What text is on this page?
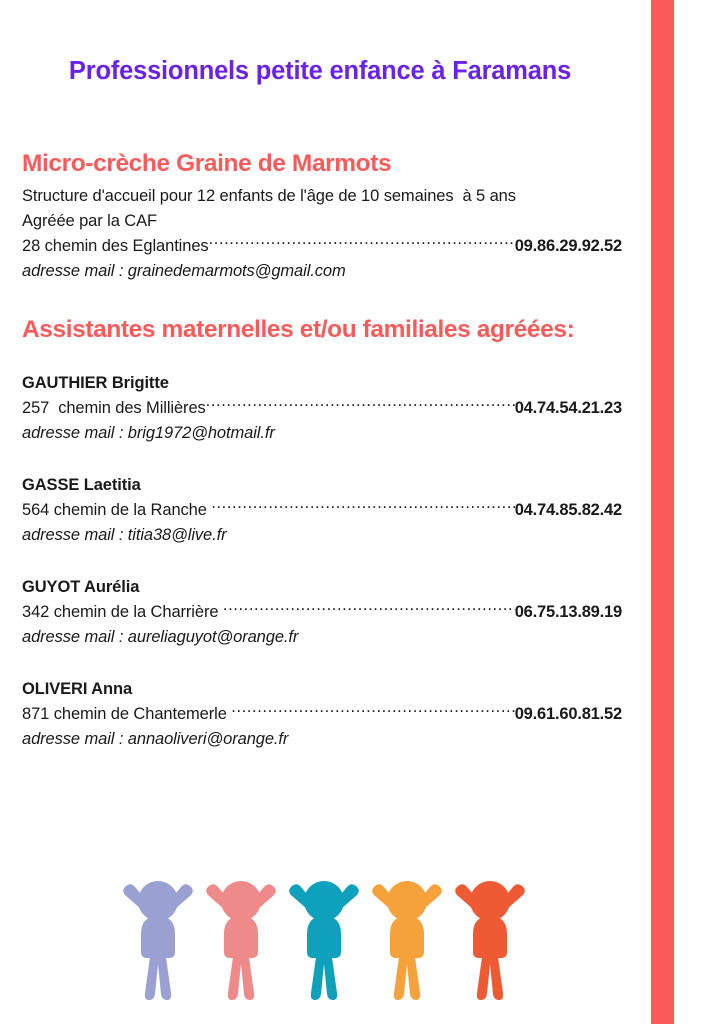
Professionnels petite enfance à Faramans
Micro-crèche Graine de Marmots
Structure d'accueil pour 12 enfants de l'âge de 10 semaines  à 5 ans
Agréée par la CAF
28 chemin des Eglantines .....	09.86.29.92.52
adresse mail : grainedemarmots@gmail.com
Assistantes maternelles et/ou familiales agréées:
GAUTHIER Brigitte
257  chemin des Millières .....	04.74.54.21.23
adresse mail : brig1972@hotmail.fr
GASSE Laetitia
564 chemin de la Ranche .....	04.74.85.82.42
adresse mail : titia38@live.fr
GUYOT Aurélia
342 chemin de la Charrière .....	06.75.13.89.19
adresse mail : aureliaguyot@orange.fr
OLIVERI Anna
871 chemin de Chantemerle .....	09.61.60.81.52
adresse mail : annaoliveri@orange.fr
